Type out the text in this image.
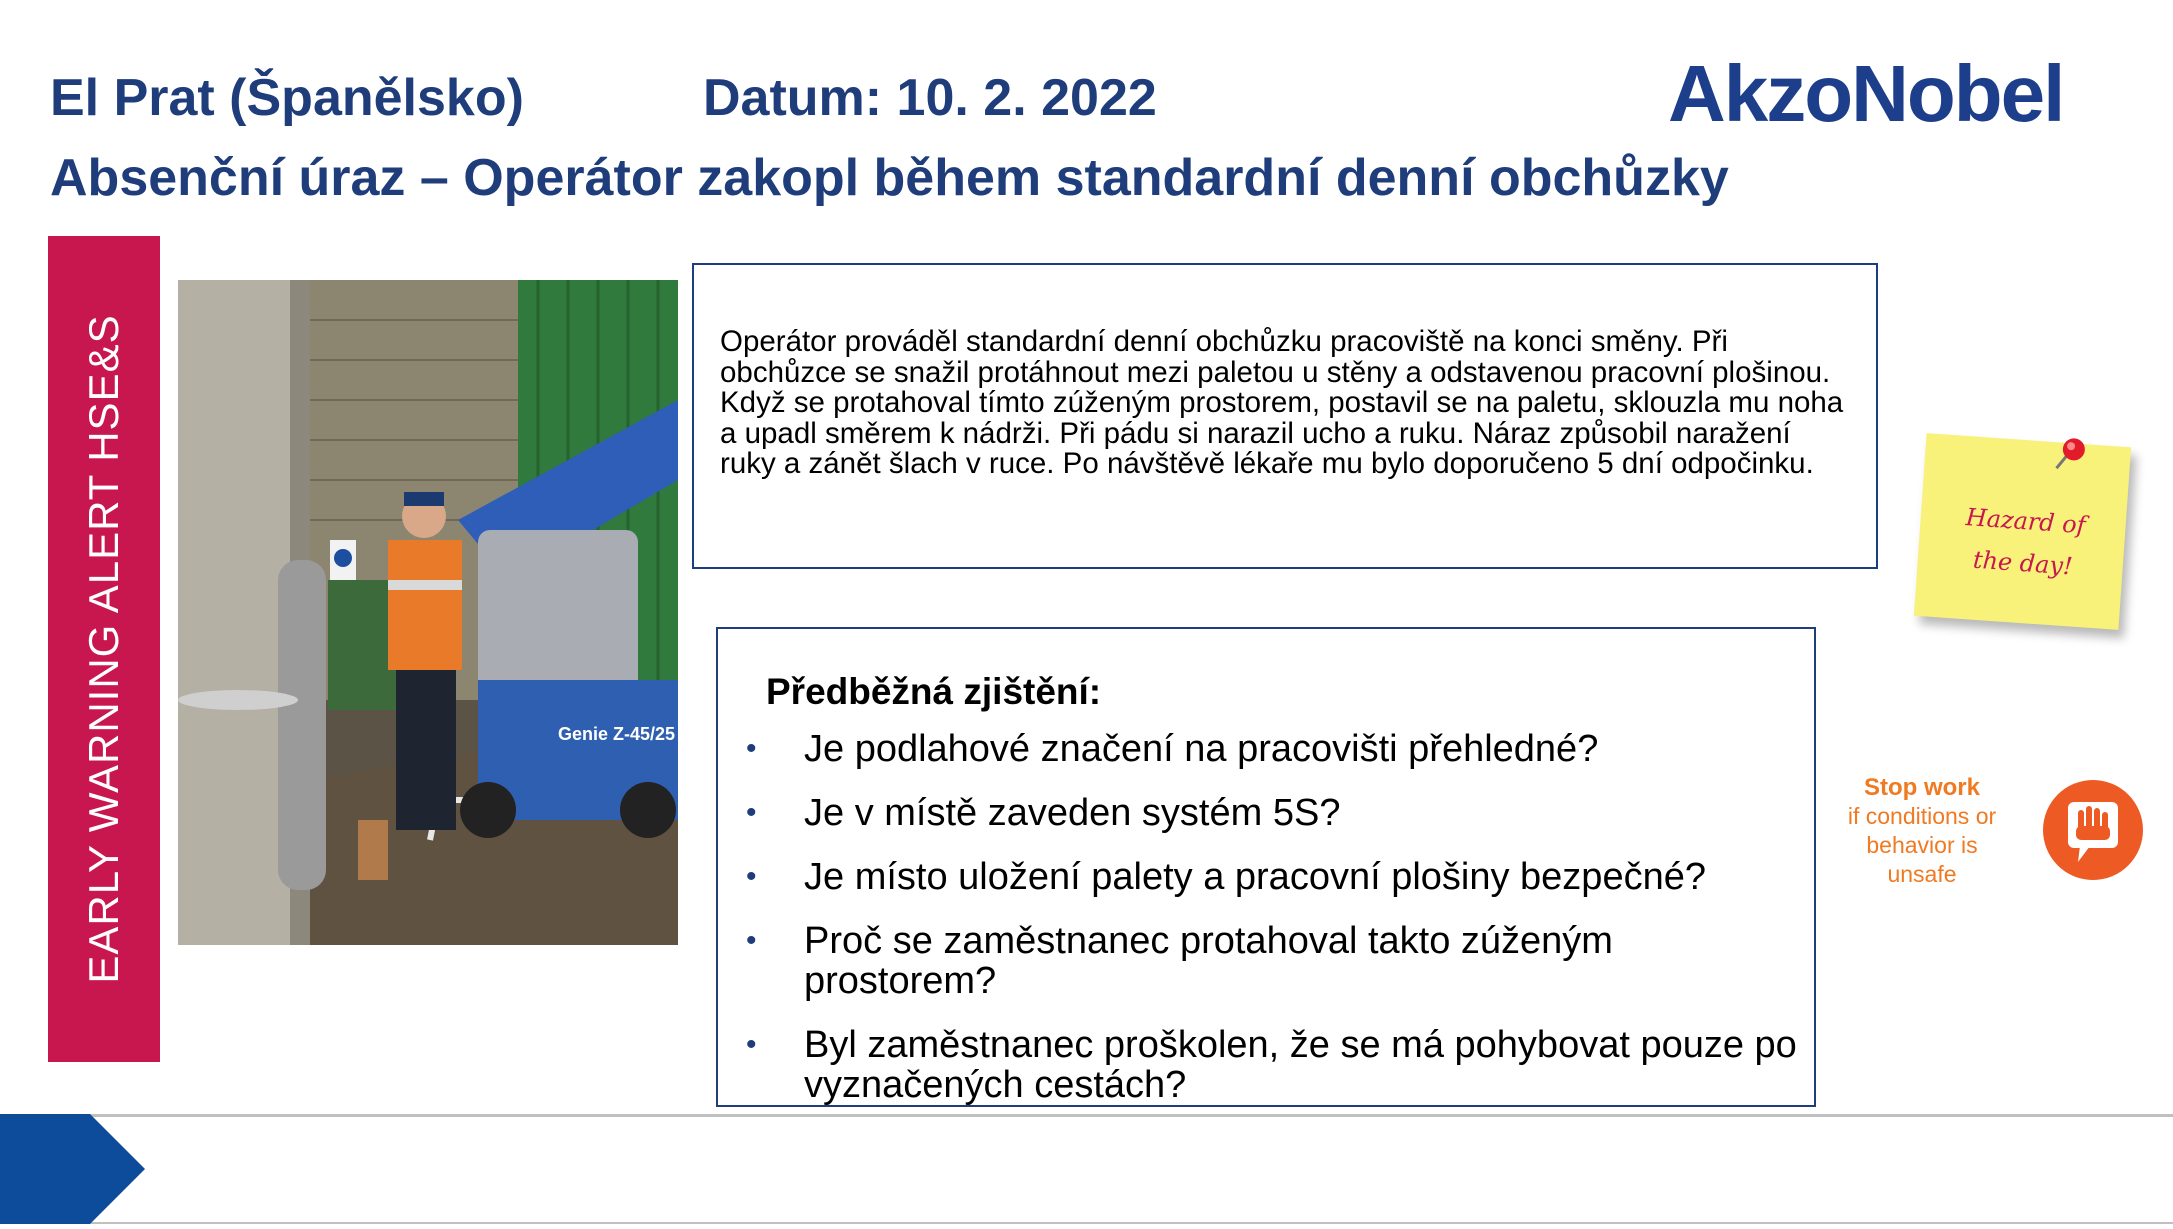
El Prat (Španělsko)	Datum: 10. 2. 2022
Absenční úraz – Operátor zakopl během standardní denní obchůzky
AkzoNobel
EARLY WARNING ALERT HSE&S	Genie Z-45/25
Operátor prováděl standardní denní obchůzku pracoviště na konci směny. Při obchůzce se snažil protáhnout mezi paletou u stěny a odstavenou pracovní plošinou. Když se protahoval tímto zúženým prostorem, postavil se na paletu, sklouzla mu noha a upadl směrem k nádrži. Při pádu si narazil ucho a ruku. Náraz způsobil naražení ruky a zánět šlach v ruce. Po návštěvě lékaře mu bylo doporučeno 5 dní odpočinku.
Předběžná zjištění:
• Je podlahové značení na pracovišti přehledné?
• Je v místě zaveden systém 5S?
• Je místo uložení palety a pracovní plošiny bezpečné?
• Proč se zaměstnanec protahoval takto zúženým prostorem?
• Byl zaměstnanec proškolen, že se má pohybovat pouze po vyznačených cestách?
Hazard of
the day!
Stop work
if conditions or
behavior is
unsafe
